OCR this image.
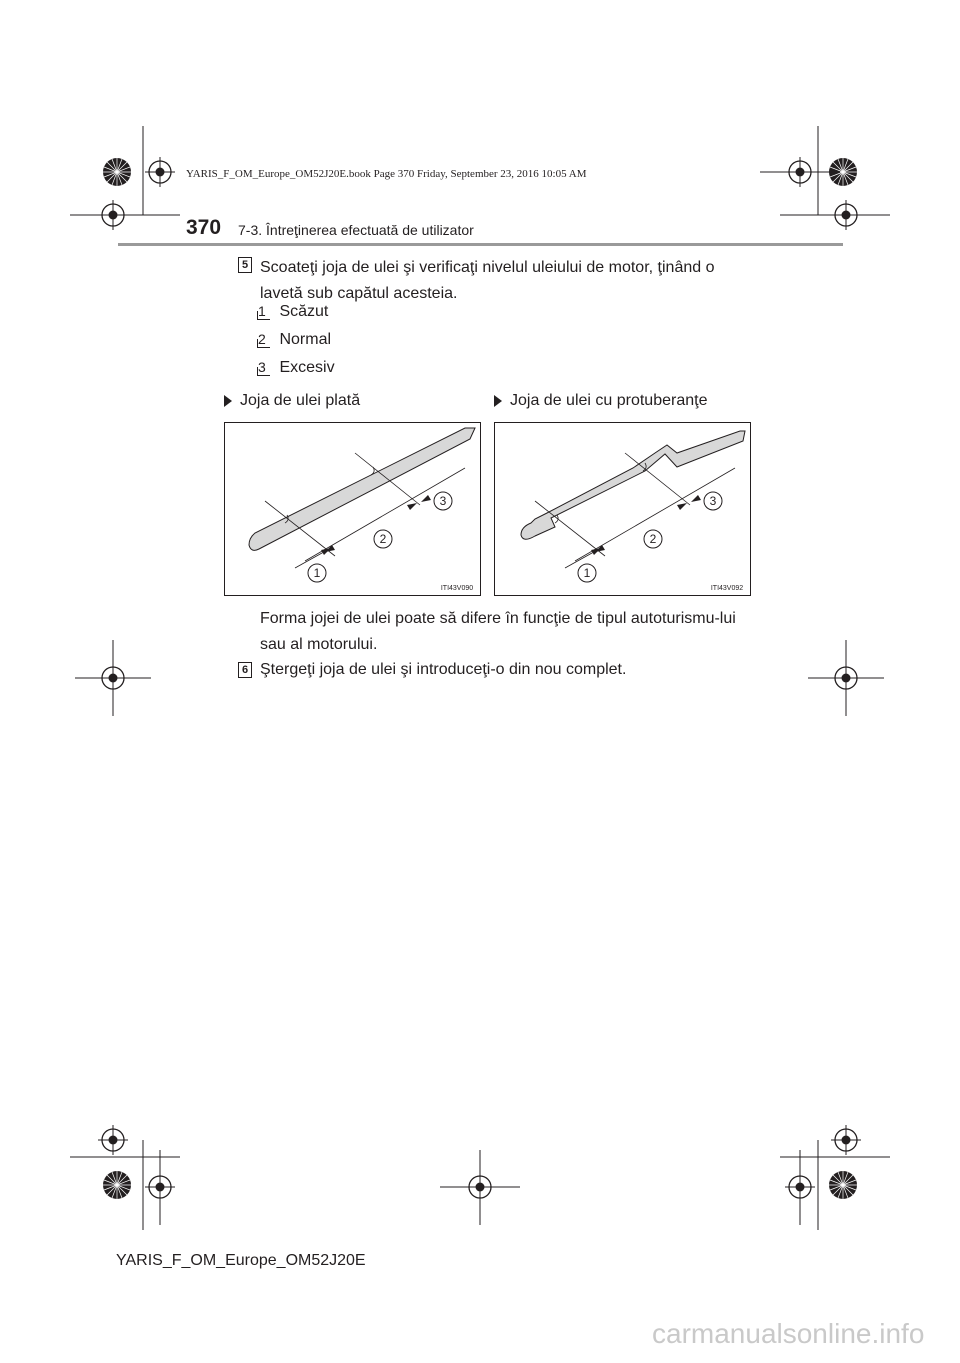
YARIS_F_OM_Europe_OM52J20E.book Page 370 Friday, September 23, 2016 10:05 AM
370 7-3. Întreţinerea efectuată de utilizator
5 Scoateţi joja de ulei şi verificaţi nivelul uleiului de motor, ţinând o lavetă sub capătul acesteia.
1 Scăzut
2 Normal
3 Excesiv
Joja de ulei plată	Joja de ulei cu protuberanţe
1
2
3
ITI43V090
1
2
3
ITI43V092
Forma jojei de ulei poate să difere în funcţie de tipul autoturismu-lui sau al motorului.
6 Ştergeţi joja de ulei şi introduceţi-o din nou complet.
YARIS_F_OM_Europe_OM52J20E
carmanualsonline.info
